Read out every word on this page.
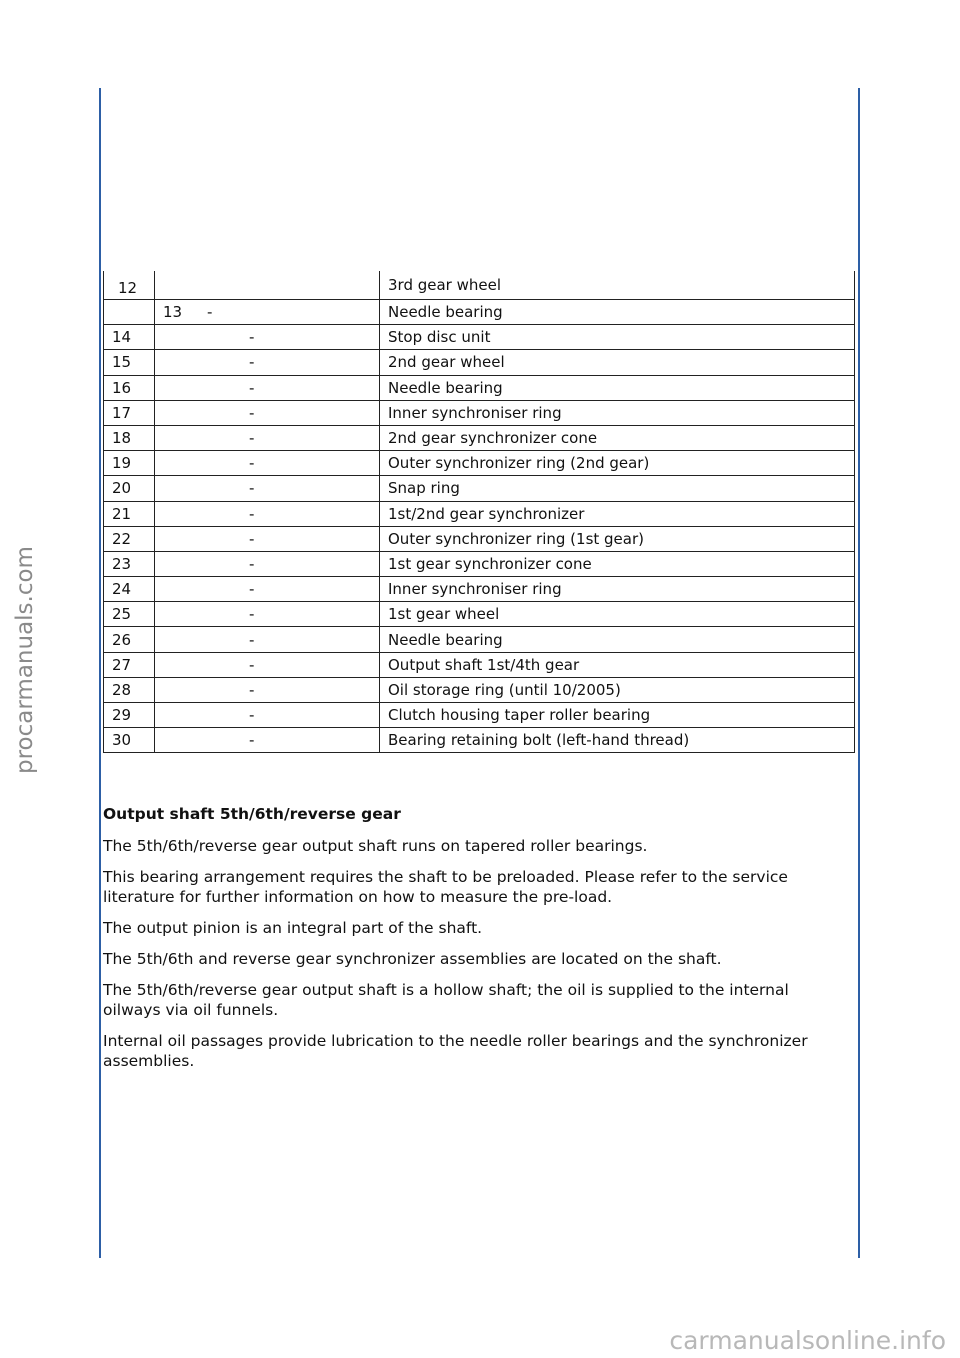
12		3rd gear wheel
	13 -	Needle bearing
14	-	Stop disc unit
15	-	2nd gear wheel
16	-	Needle bearing
17	-	Inner synchroniser ring
18	-	2nd gear synchronizer cone
19	-	Outer synchronizer ring (2nd gear)
20	-	Snap ring
21	-	1st/2nd gear synchronizer
22	-	Outer synchronizer ring (1st gear)
23	-	1st gear synchronizer cone
24	-	Inner synchroniser ring
25	-	1st gear wheel
26	-	Needle bearing
27	-	Output shaft 1st/4th gear
28	-	Oil storage ring (until 10/2005)
29	-	Clutch housing taper roller bearing
30	-	Bearing retaining bolt (left-hand thread)
Output shaft 5th/6th/reverse gear

The 5th/6th/reverse gear output shaft runs on tapered roller bearings.

This bearing arrangement requires the shaft to be preloaded. Please refer to the service literature for further information on how to measure the pre-load.

The output pinion is an integral part of the shaft.

The 5th/6th and reverse gear synchronizer assemblies are located on the shaft.

The 5th/6th/reverse gear output shaft is a hollow shaft; the oil is supplied to the internal oilways via oil funnels.

Internal oil passages provide lubrication to the needle roller bearings and the synchronizer assemblies.

procarmanuals.com
carmanualsonline.info
